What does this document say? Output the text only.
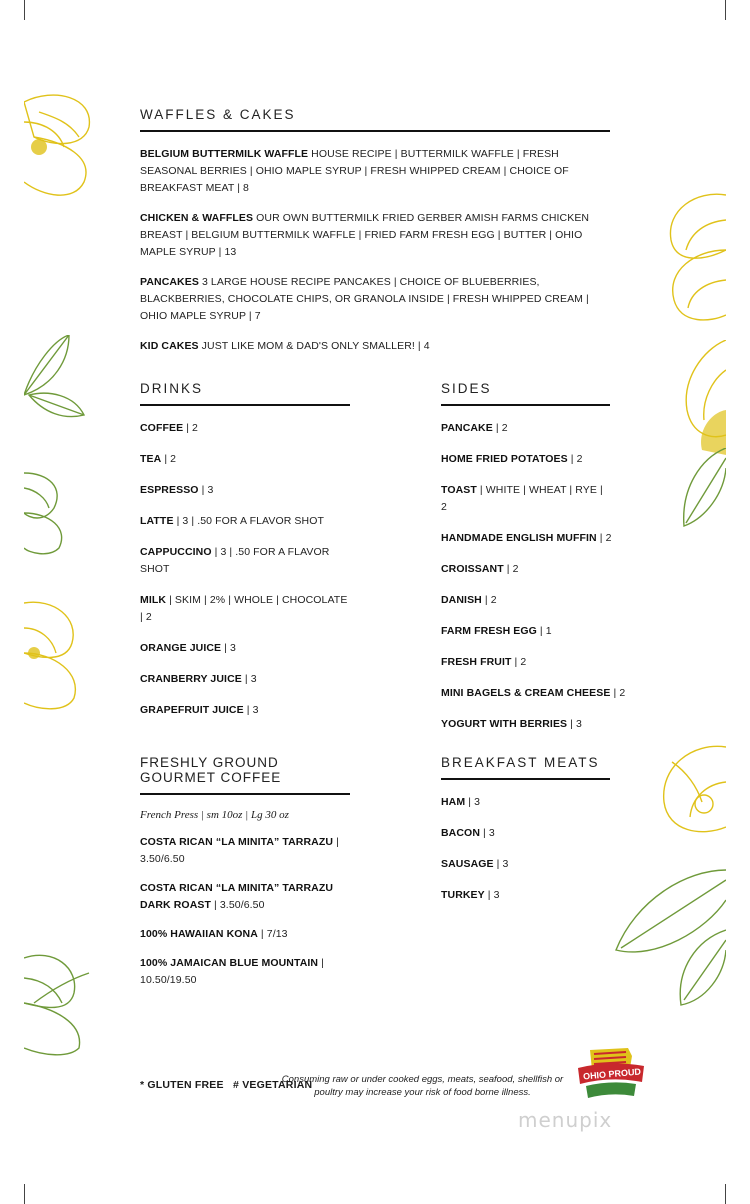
WAFFLES & CAKES
BELGIUM BUTTERMILK WAFFLE HOUSE RECIPE | BUTTERMILK WAFFLE | FRESH SEASONAL BERRIES | OHIO MAPLE SYRUP | FRESH WHIPPED CREAM | CHOICE OF BREAKFAST MEAT | 8
CHICKEN & WAFFLES OUR OWN BUTTERMILK FRIED GERBER AMISH FARMS CHICKEN BREAST | BELGIUM BUTTERMILK WAFFLE | FRIED FARM FRESH EGG | BUTTER | OHIO MAPLE SYRUP | 13
PANCAKES 3 LARGE HOUSE RECIPE PANCAKES | CHOICE OF BLUEBERRIES, BLACKBERRIES, CHOCOLATE CHIPS, OR GRANOLA INSIDE | FRESH WHIPPED CREAM | OHIO MAPLE SYRUP | 7
KID CAKES JUST LIKE MOM & DAD'S ONLY SMALLER! | 4
DRINKS
COFFEE | 2
TEA | 2
ESPRESSO | 3
LATTE | 3 | .50 FOR A FLAVOR SHOT
CAPPUCCINO | 3 | .50 FOR A FLAVOR SHOT
MILK | SKIM | 2% | WHOLE | CHOCOLATE | 2
ORANGE JUICE | 3
CRANBERRY JUICE | 3
GRAPEFRUIT JUICE | 3
SIDES
PANCAKE | 2
HOME FRIED POTATOES | 2
TOAST | WHITE | WHEAT | RYE | 2
HANDMADE ENGLISH MUFFIN | 2
CROISSANT | 2
DANISH | 2
FARM FRESH EGG | 1
FRESH FRUIT | 2
MINI BAGELS & CREAM CHEESE | 2
YOGURT WITH BERRIES | 3
FRESHLY GROUND GOURMET COFFEE

French Press | sm 10oz | Lg 30 oz

COSTA RICAN “LA MINITA” TARRAZU | 3.50/6.50
COSTA RICAN “LA MINITA” TARRAZU DARK ROAST | 3.50/6.50
100% HAWAIIAN KONA | 7/13
100% JAMAICAN BLUE MOUNTAIN | 10.50/19.50
BREAKFAST MEATS
HAM | 3
BACON | 3
SAUSAGE | 3
TURKEY | 3
* GLUTEN FREE   # VEGETARIAN
Consuming raw or under cooked eggs, meats, seafood, shellfish or poultry may increase your risk of food borne illness.
OHIO PROUD
menupix
